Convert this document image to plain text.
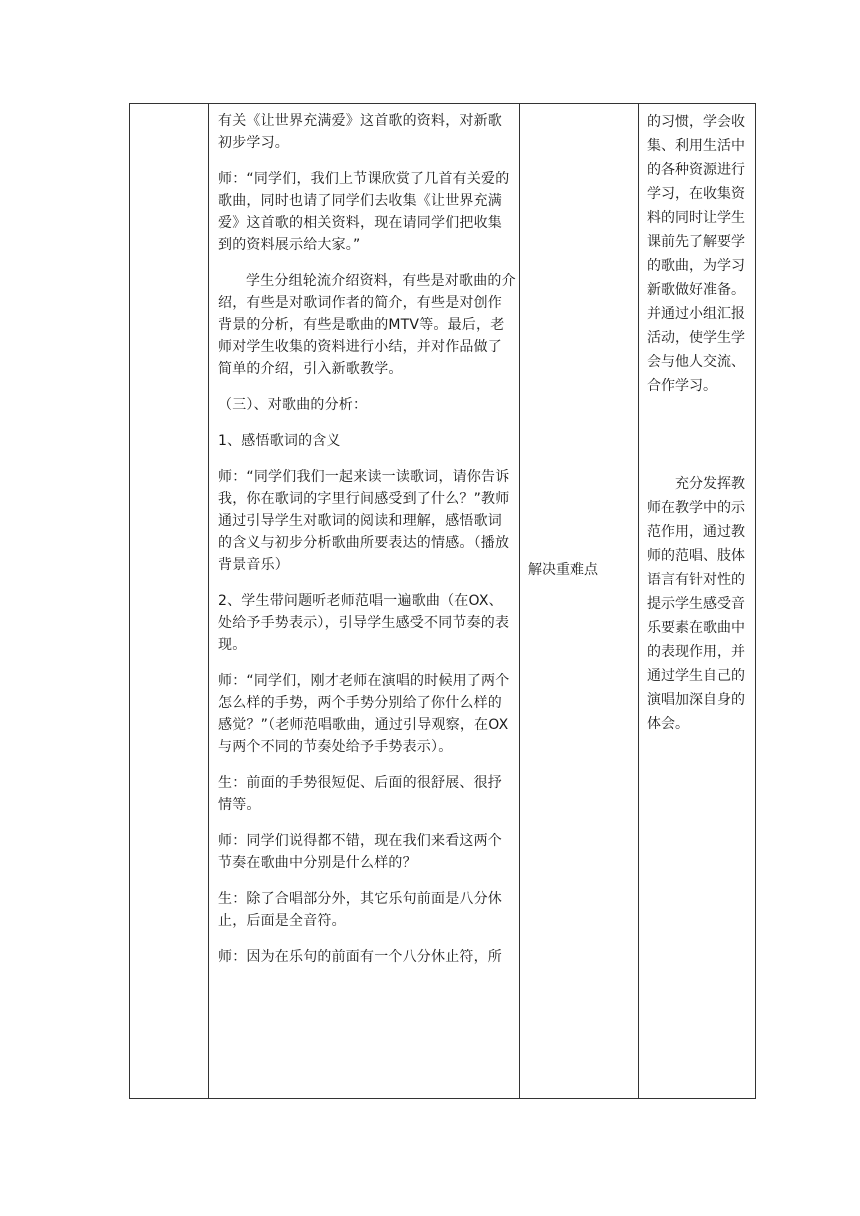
有关《让世界充满爱》这首歌的资料，对新歌初步学习。

师：“同学们，我们上节课欣赏了几首有关爱的歌曲，同时也请了同学们去收集《让世界充满爱》这首歌的相关资料，现在请同学们把收集到的资料展示给大家。”

学生分组轮流介绍资料，有些是对歌曲的介绍，有些是对歌词作者的简介，有些是对创作背景的分析，有些是歌曲的MTV等。最后，老师对学生收集的资料进行小结，并对作品做了简单的介绍，引入新歌教学。

（三）、对歌曲的分析：

1、感悟歌词的含义

师：“同学们我们一起来读一读歌词，请你告诉我，你在歌词的字里行间感受到了什么？”教师通过引导学生对歌词的阅读和理解，感悟歌词的含义与初步分析歌曲所要表达的情感。（播放背景音乐）

2、学生带问题听老师范唱一遍歌曲（在OX、处给予手势表示），引导学生感受不同节奏的表现。

师：“同学们，刚才老师在演唱的时候用了两个怎么样的手势，两个手势分别给了你什么样的感觉？”（老师范唱歌曲，通过引导观察，在OX与两个不同的节奏处给予手势表示）。

生：前面的手势很短促、后面的很舒展、很抒情等。

师：同学们说得都不错，现在我们来看这两个节奏在歌曲中分别是什么样的？

生：除了合唱部分外，其它乐句前面是八分休止，后面是全音符。

师：因为在乐句的前面有一个八分休止符，所

解决重难点

的习惯，学会收集、利用生活中的各种资源进行学习，在收集资料的同时让学生课前先了解要学的歌曲，为学习新歌做好准备。并通过小组汇报活动，使学生学会与他人交流、合作学习。

充分发挥教师在教学中的示范作用，通过教师的范唱、肢体语言有针对性的提示学生感受音乐要素在歌曲中的表现作用，并通过学生自己的演唱加深自身的体会。
